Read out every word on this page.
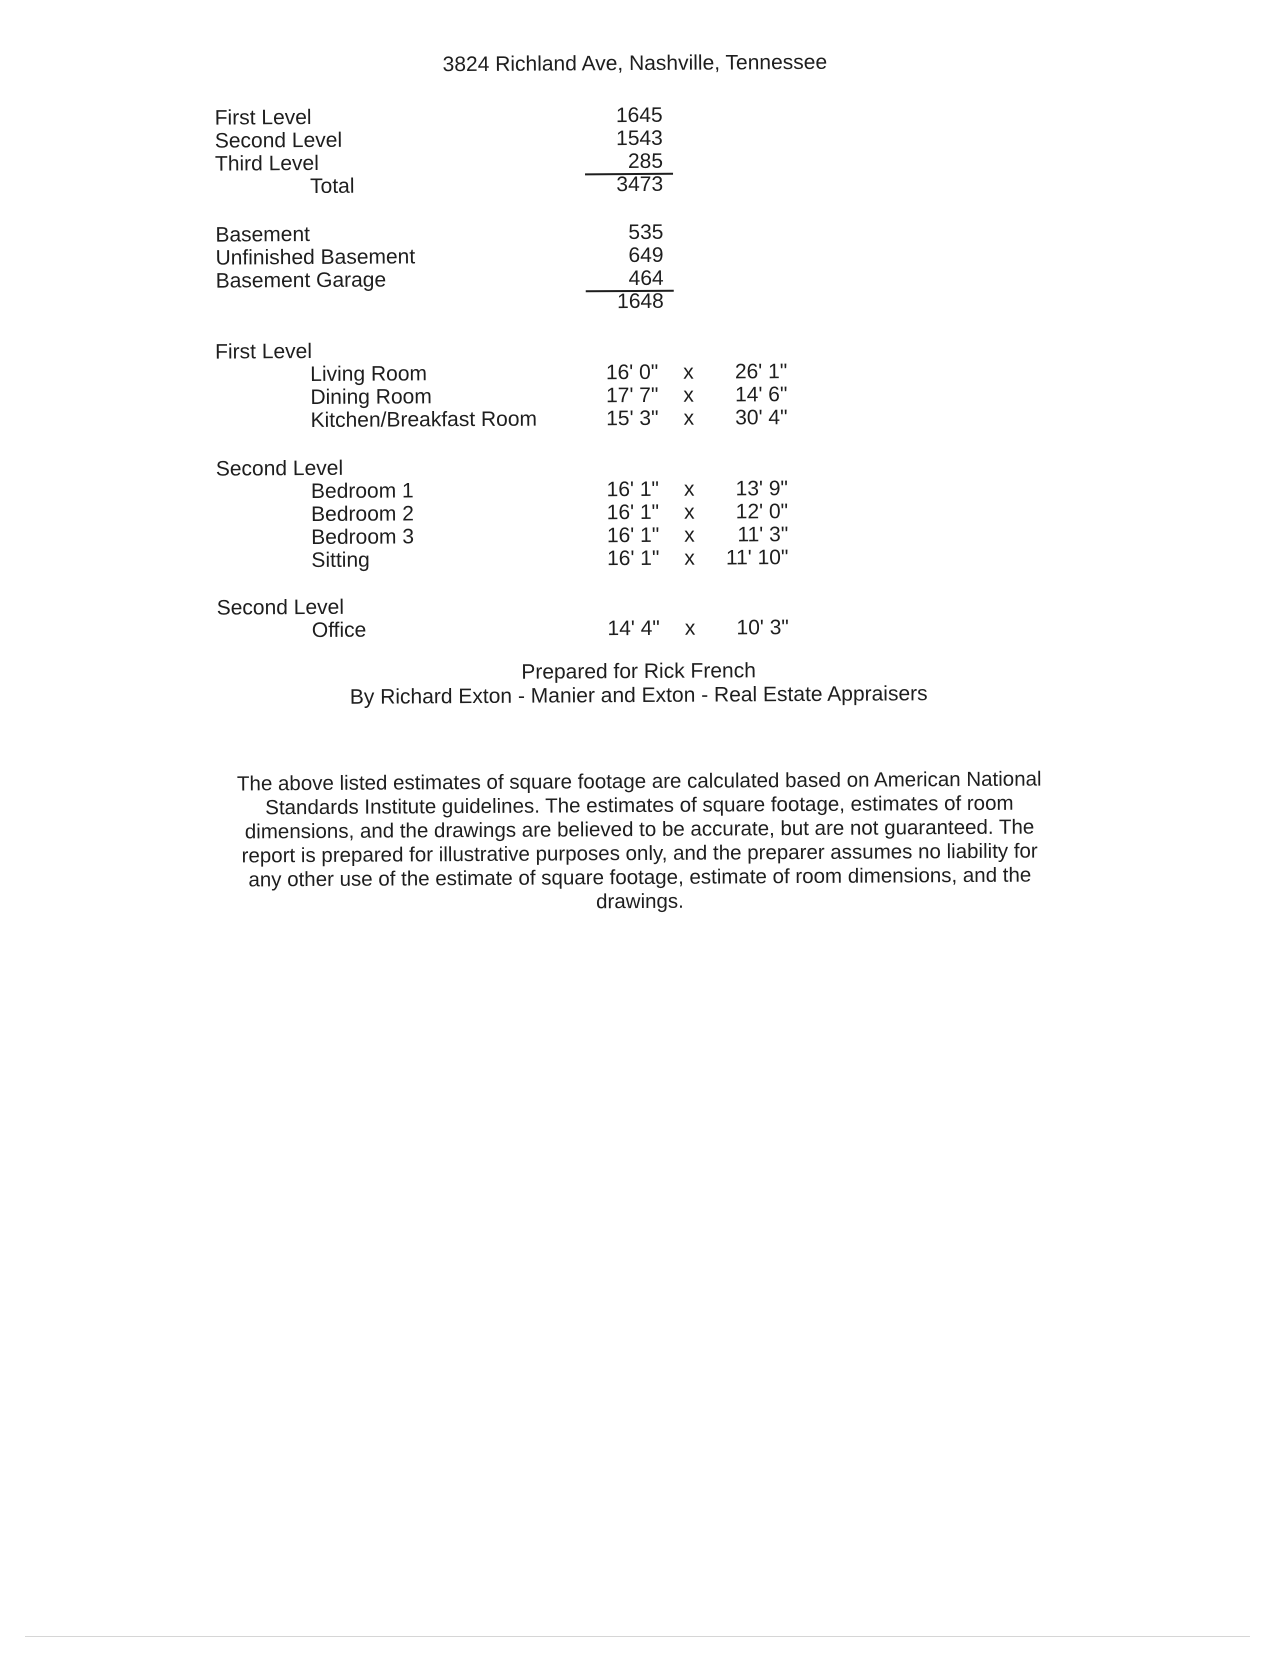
3824 Richland Ave, Nashville, Tennessee
First Level	1645
Second Level	1543
Third Level	285
Total	3473
Basement	535
Unfinished Basement	649
Basement Garage	464
1648
First Level
Living Room	16' 0" x	26' 1"
Dining Room	17' 7" x	14' 6"
Kitchen/Breakfast Room	15' 3" x	30' 4"
Second Level
Bedroom 1	16' 1" x	13' 9"
Bedroom 2	16' 1" x	12' 0"
Bedroom 3	16' 1" x	11' 3"
Sitting	16' 1" x	11' 10"
Second Level
Office	14' 4" x	10' 3"
Prepared for Rick French
By Richard Exton - Manier and Exton - Real Estate Appraisers
The above listed estimates of square footage are calculated based on American National Standards Institute guidelines. The estimates of square footage, estimates of room dimensions, and the drawings are believed to be accurate, but are not guaranteed. The report is prepared for illustrative purposes only, and the preparer assumes no liability for any other use of the estimate of square footage, estimate of room dimensions, and the drawings.
